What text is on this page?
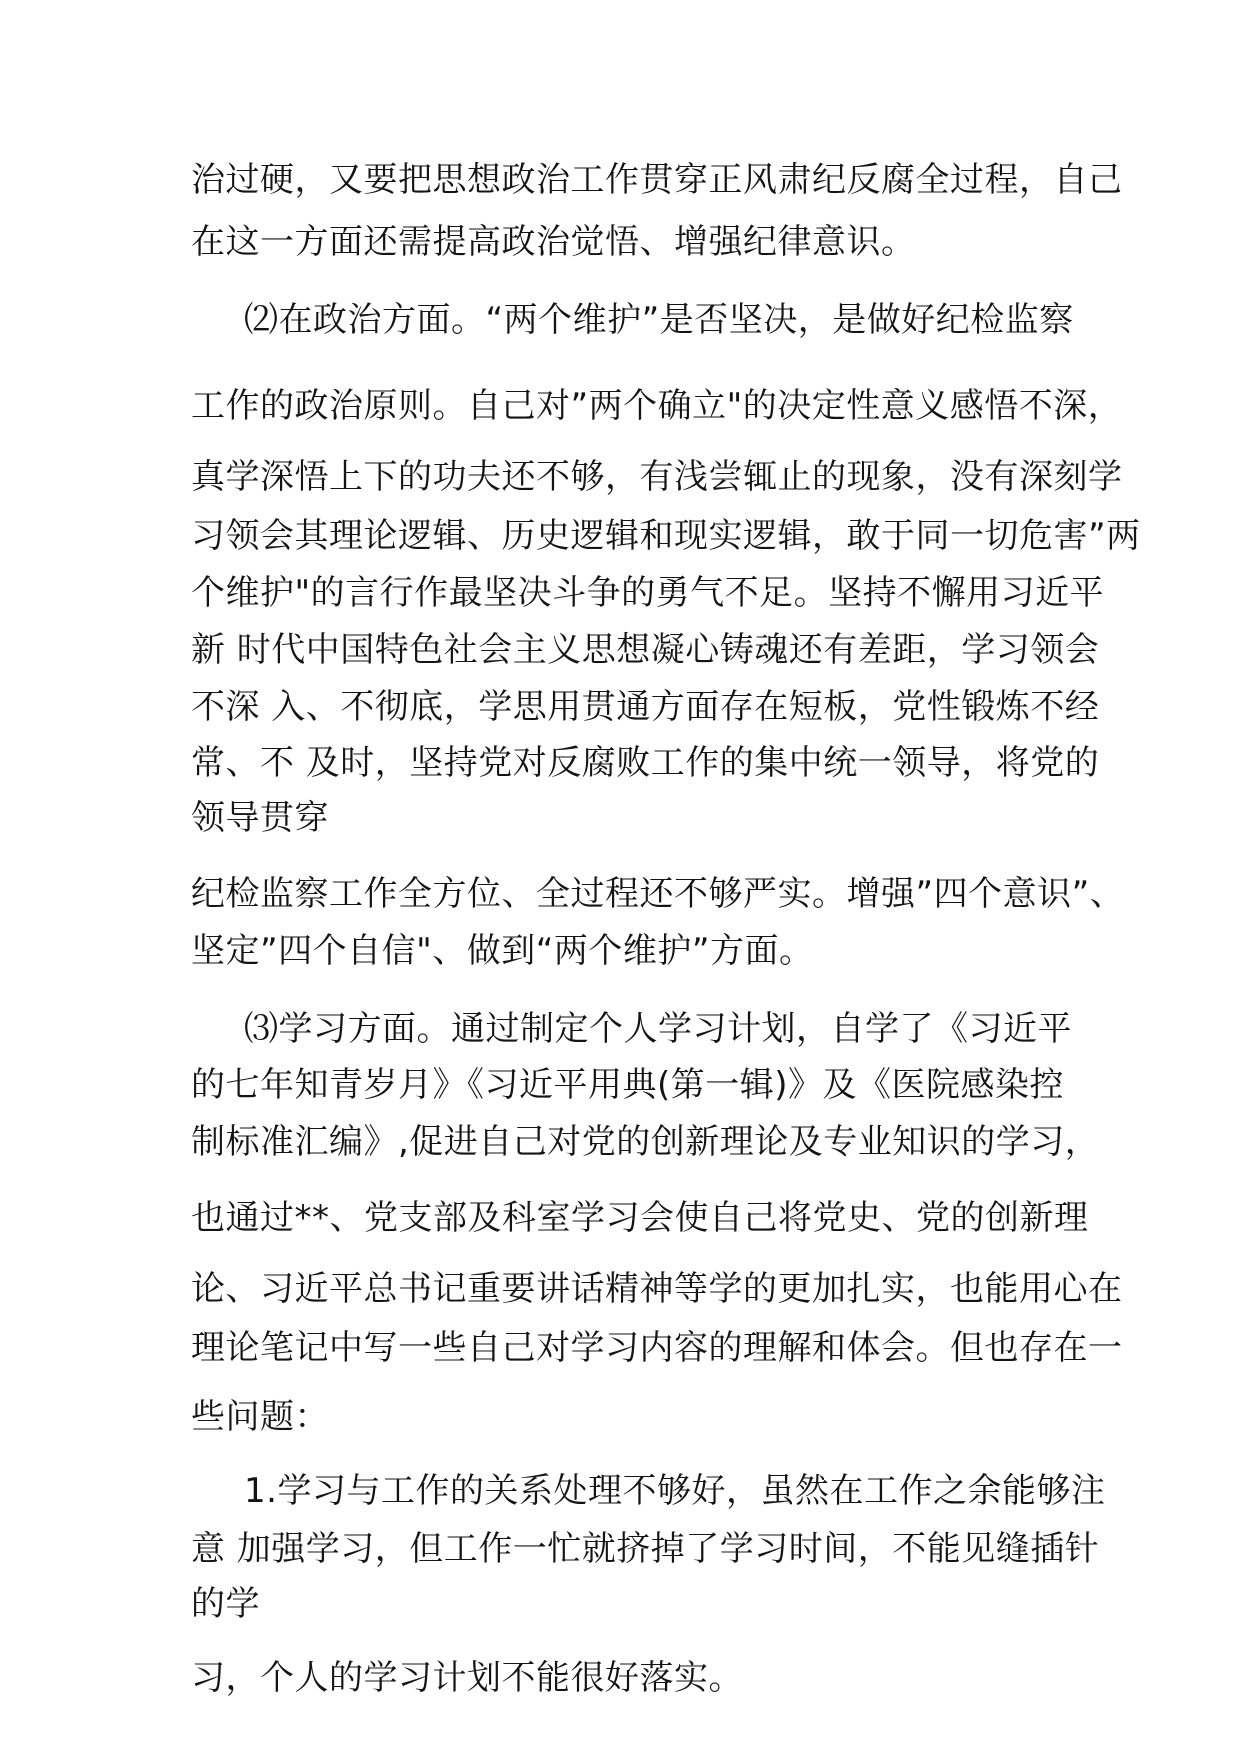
治过硬，又要把思想政治工作贯穿正风肃纪反腐全过程，自己

在这一方面还需提高政治觉悟、增强纪律意识。

⑵在政治方面。“两个维护”是否坚决，是做好纪检监察

工作的政治原则。自己对”两个确立"的决定性意义感悟不深，

真学深悟上下的功夫还不够，有浅尝辄止的现象，没有深刻学

习领会其理论逻辑、历史逻辑和现实逻辑，敢于同一切危害”两

个维护"的言行作最坚决斗争的勇气不足。坚持不懈用习近平

新 时代中国特色社会主义思想凝心铸魂还有差距，学习领会

不深 入、不彻底，学思用贯通方面存在短板，党性锻炼不经

常、不 及时，坚持党对反腐败工作的集中统一领导，将党的

领导贯穿

纪检监察工作全方位、全过程还不够严实。增强”四个意识”、

坚定”四个自信"、做到“两个维护”方面。

⑶学习方面。通过制定个人学习计划，自学了《习近平

的七年知青岁月》《习近平用典(第一辑)》及《医院感染控

制标准汇编》,促进自己对党的创新理论及专业知识的学习，

也通过**、党支部及科室学习会使自己将党史、党的创新理

论、习近平总书记重要讲话精神等学的更加扎实，也能用心在

理论笔记中写一些自己对学习内容的理解和体会。但也存在一

些问题：

1.学习与工作的关系处理不够好，虽然在工作之余能够注

意 加强学习，但工作一忙就挤掉了学习时间，不能见缝插针

的学

习，个人的学习计划不能很好落实。
